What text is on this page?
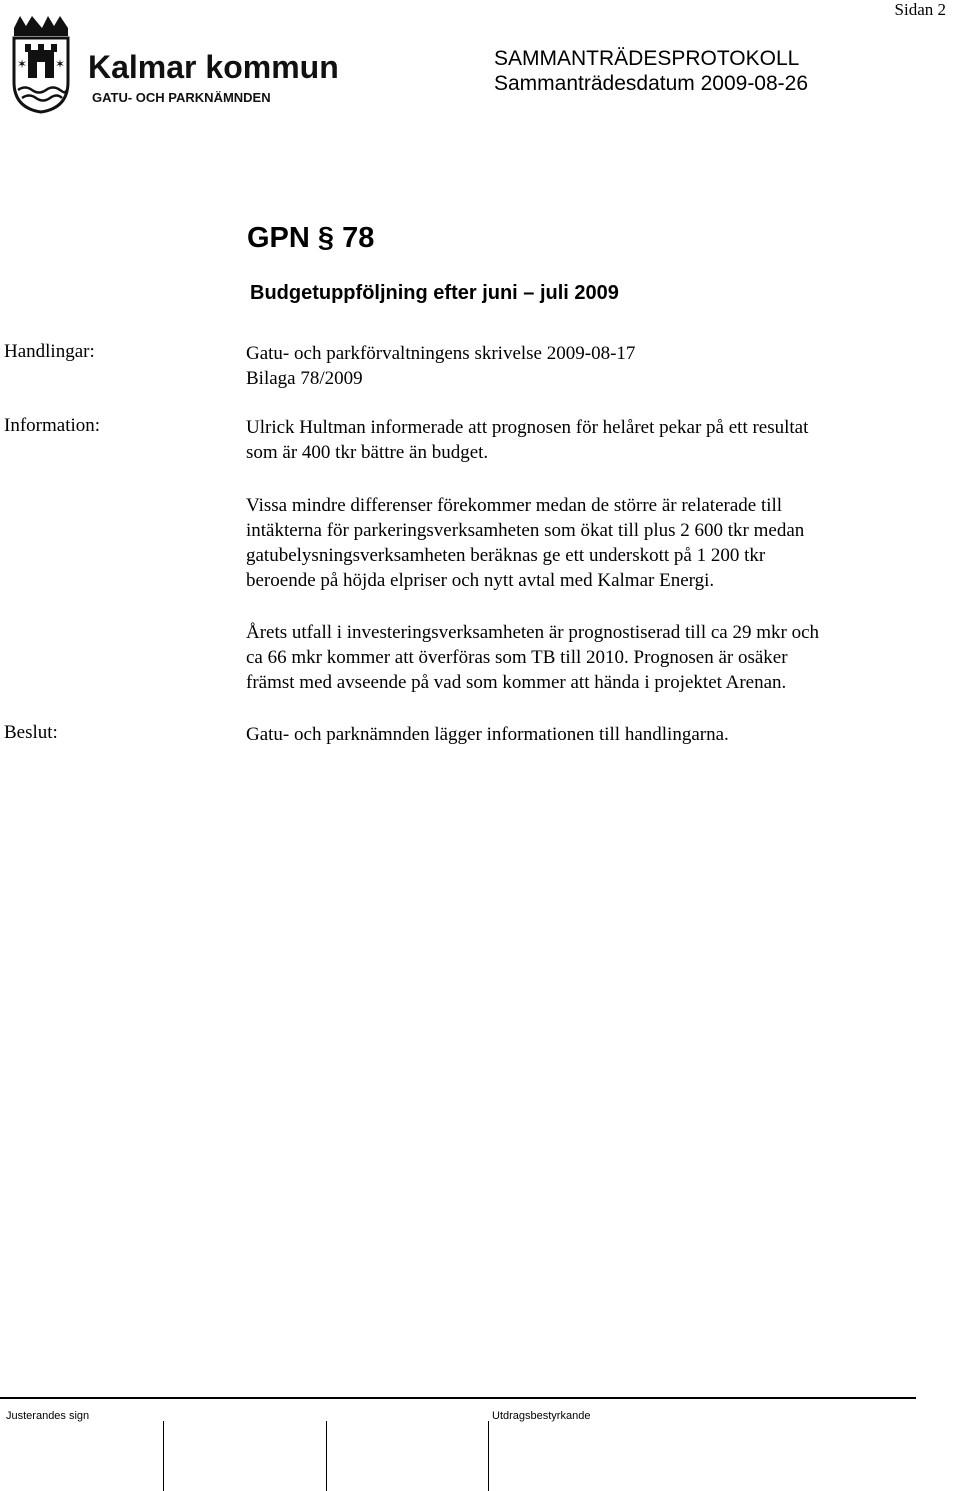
Sidan 2
✶ ✶ Kalmar kommun
GATU- OCH PARKNÄMNDEN
SAMMANTRÄDESPROTOKOLL
Sammanträdesdatum 2009-08-26
GPN § 78
Budgetuppföljning efter juni – juli 2009
Handlingar:	Gatu- och parkförvaltningens skrivelse 2009-08-17

Bilaga 78/2009

Information:	Ulrick Hultman informerade att prognosen för helåret pekar på ett resultat

som är 400 tkr bättre än budget.

Vissa mindre differenser förekommer medan de större är relaterade till

intäkterna för parkeringsverksamheten som ökat till plus 2 600 tkr medan

gatubelysningsverksamheten beräknas ge ett underskott på 1 200 tkr

beroende på höjda elpriser och nytt avtal med Kalmar Energi.

Årets utfall i investeringsverksamheten är prognostiserad till ca 29 mkr och

ca 66 mkr kommer att överföras som TB till 2010. Prognosen är osäker

främst med avseende på vad som kommer att hända i projektet Arenan.

Beslut:	Gatu- och parknämnden lägger informationen till handlingarna.
Justerandes sign	Utdragsbestyrkande
